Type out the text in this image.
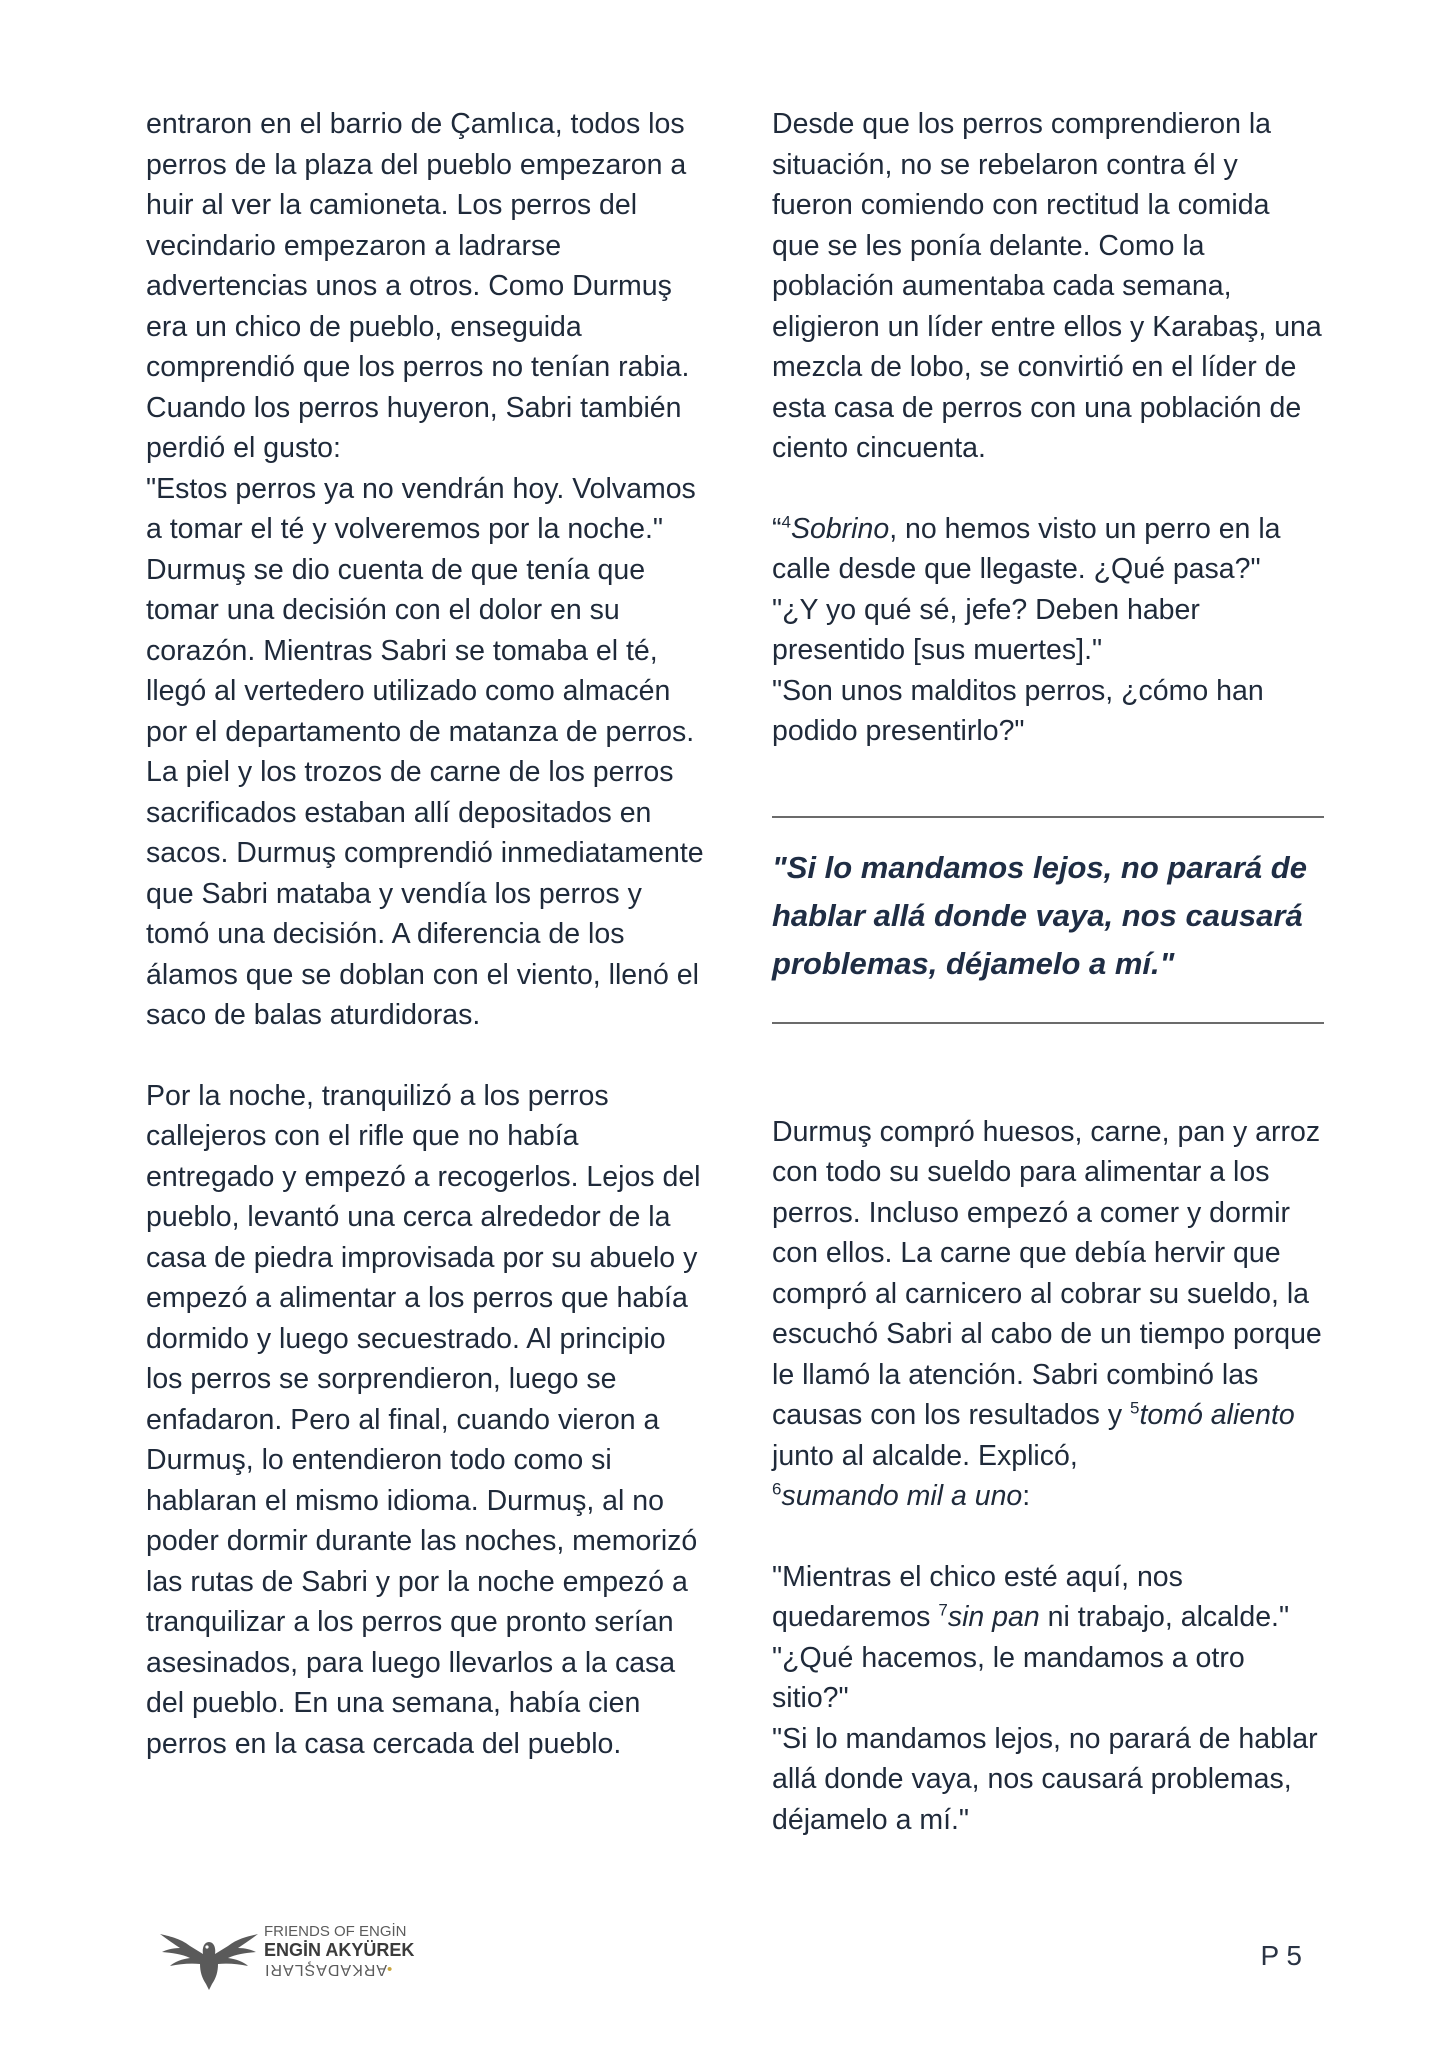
entraron en el barrio de Çamlıca, todos los perros de la plaza del pueblo empezaron a huir al ver la camioneta. Los perros del vecindario empezaron a ladrarse advertencias unos a otros. Como Durmuş era un chico de pueblo, enseguida comprendió que los perros no tenían rabia. Cuando los perros huyeron, Sabri también perdió el gusto:
"Estos perros ya no vendrán hoy. Volvamos a tomar el té y volveremos por la noche."
Durmuş se dio cuenta de que tenía que tomar una decisión con el dolor en su corazón. Mientras Sabri se tomaba el té, llegó al vertedero utilizado como almacén por el departamento de matanza de perros. La piel y los trozos de carne de los perros sacrificados estaban allí depositados en sacos. Durmuş comprendió inmediatamente que Sabri mataba y vendía los perros y tomó una decisión. A diferencia de los álamos que se doblan con el viento, llenó el saco de balas aturdidoras.

Por la noche, tranquilizó a los perros callejeros con el rifle que no había entregado y empezó a recogerlos. Lejos del pueblo, levantó una cerca alrededor de la casa de piedra improvisada por su abuelo y empezó a alimentar a los perros que había dormido y luego secuestrado. Al principio los perros se sorprendieron, luego se enfadaron. Pero al final, cuando vieron a Durmuş, lo entendieron todo como si hablaran el mismo idioma. Durmuş, al no poder dormir durante las noches, memorizó las rutas de Sabri y por la noche empezó a tranquilizar a los perros que pronto serían asesinados, para luego llevarlos a la casa del pueblo. En una semana, había cien perros en la casa cercada del pueblo.

Desde que los perros comprendieron la situación, no se rebelaron contra él y fueron comiendo con rectitud la comida que se les ponía delante. Como la población aumentaba cada semana, eligieron un líder entre ellos y Karabaş, una mezcla de lobo, se convirtió en el líder de esta casa de perros con una población de ciento cincuenta.

“$^4$Sobrino, no hemos visto un perro en la calle desde que llegaste. ¿Qué pasa?"
"¿Y yo qué sé, jefe? Deben haber presentido [sus muertes]."
"Son unos malditos perros, ¿cómo han podido presentirlo?"

"Si lo mandamos lejos, no parará de hablar allá donde vaya, nos causará problemas, déjamelo a mí."

Durmuş compró huesos, carne, pan y arroz con todo su sueldo para alimentar a los perros. Incluso empezó a comer y dormir con ellos. La carne que debía hervir que compró al carnicero al cobrar su sueldo, la escuchó Sabri al cabo de un tiempo porque le llamó la atención. Sabri combinó las causas con los resultados y $^5$tomó aliento junto al alcalde. Explicó,
$^6$sumando mil a uno:

"Mientras el chico esté aquí, nos quedaremos $^7$sin pan ni trabajo, alcalde."
"¿Qué hacemos, le mandamos a otro sitio?"
"Si lo mandamos lejos, no parará de hablar allá donde vaya, nos causará problemas, déjamelo a mí."

FRIENDS OF ENGİN
ENGİN AKYÜREK
ARKADAŞLARI•	P 5
